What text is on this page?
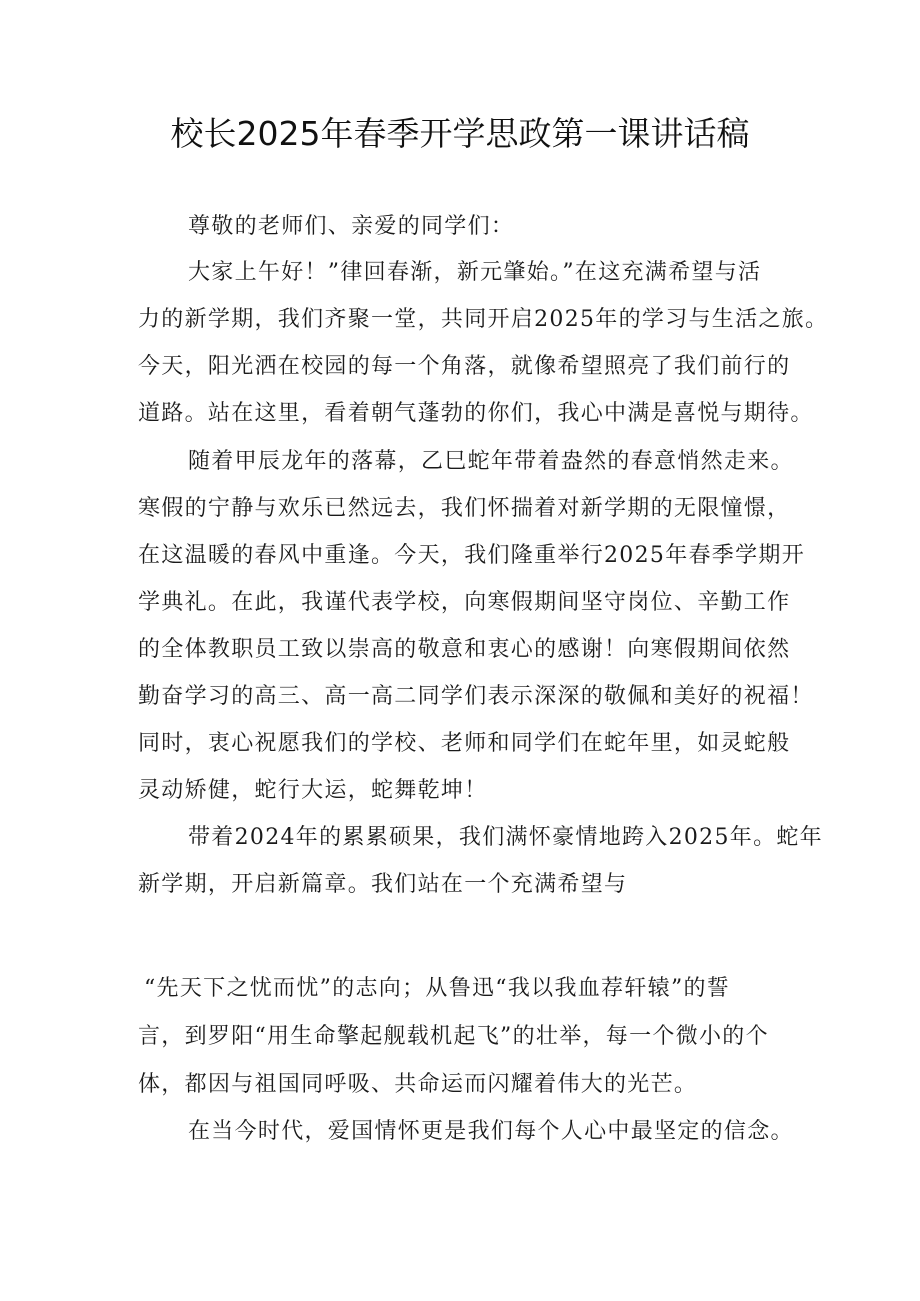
校长2025年春季开学思政第一课讲话稿
尊敬的老师们、亲爱的同学们：
大家上午好！”律回春渐，新元肇始。”在这充满希望与活
力的新学期，我们齐聚一堂，共同开启2025年的学习与生活之旅。
今天，阳光洒在校园的每一个角落，就像希望照亮了我们前行的
道路。站在这里，看着朝气蓬勃的你们，我心中满是喜悦与期待。
随着甲辰龙年的落幕，乙巳蛇年带着盎然的春意悄然走来。
寒假的宁静与欢乐已然远去，我们怀揣着对新学期的无限憧憬，
在这温暖的春风中重逢。今天，我们隆重举行2025年春季学期开
学典礼。在此，我谨代表学校，向寒假期间坚守岗位、辛勤工作
的全体教职员工致以崇高的敬意和衷心的感谢！向寒假期间依然
勤奋学习的高三、高一高二同学们表示深深的敬佩和美好的祝福！
同时，衷心祝愿我们的学校、老师和同学们在蛇年里，如灵蛇般
灵动矫健，蛇行大运，蛇舞乾坤！
带着2024年的累累硕果，我们满怀豪情地跨入2025年。蛇年
新学期，开启新篇章。我们站在一个充满希望与
“先天下之忧而忧”的志向；从鲁迅“我以我血荐轩辕”的誓
言，到罗阳“用生命擎起舰载机起飞”的壮举，每一个微小的个
体，都因与祖国同呼吸、共命运而闪耀着伟大的光芒。
在当今时代，爱国情怀更是我们每个人心中最坚定的信念。
